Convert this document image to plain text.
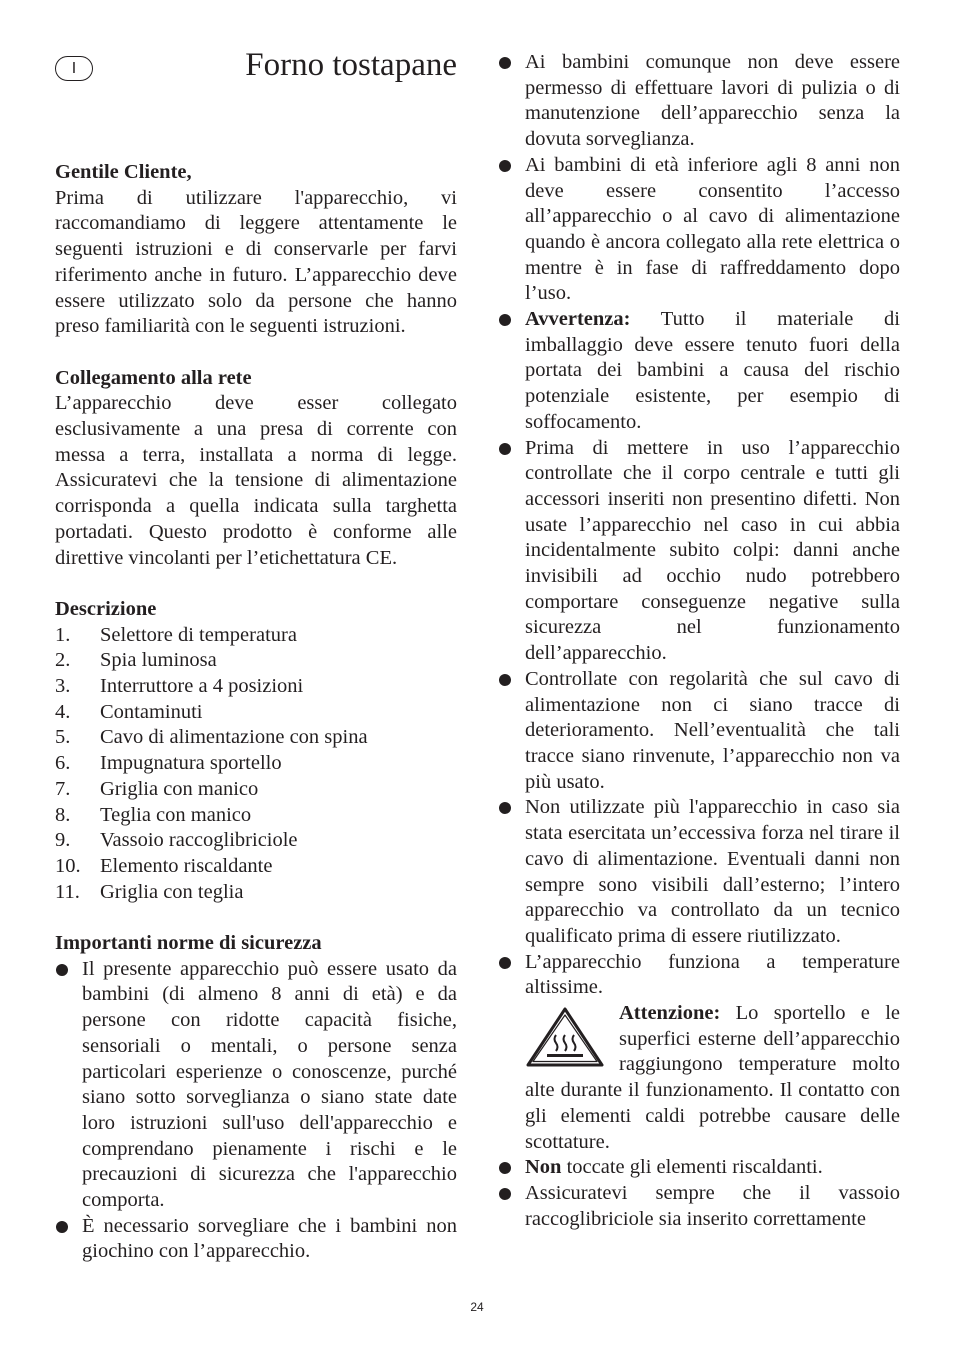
I	Forno tostapane

Gentile Cliente,

Prima di utilizzare l'apparecchio, vi raccomandiamo di leggere attentamente le seguenti istruzioni e di conservarle per farvi riferimento anche in futuro. L’apparecchio deve essere utilizzato solo da persone che hanno preso familiarità con le seguenti istruzioni.

Collegamento alla rete

L’apparecchio deve esser collegato esclusivamente a una presa di corrente con messa a terra, installata a norma di legge. Assicuratevi che la tensione di alimentazione corrisponda a quella indicata sulla targhetta portadati. Questo prodotto è conforme alle direttive vincolanti per l’etichettatura CE.

Descrizione

1.	Selettore di temperatura
2.	Spia luminosa
3.	Interruttore a 4 posizioni
4.	Contaminuti
5.	Cavo di alimentazione con spina
6.	Impugnatura sportello
7.	Griglia con manico
8.	Teglia con manico
9.	Vassoio raccoglibriciole
10. Elemento riscaldante
11. Griglia con teglia

Importanti norme di sicurezza

Il presente apparecchio può essere usato da bambini (di almeno 8 anni di età) e da persone con ridotte capacità fisiche, sensoriali o mentali, o persone senza particolari esperienze o conoscenze, purché siano sotto sorveglianza o siano state date loro istruzioni sull'uso dell'apparecchio e comprendano pienamente i rischi e le precauzioni di sicurezza che l'apparecchio comporta.
È necessario sorvegliare che i bambini non giochino con l’apparecchio.
Ai bambini comunque non deve essere permesso di effettuare lavori di pulizia o di manutenzione dell’apparecchio senza la dovuta sorveglianza.
Ai bambini di età inferiore agli 8 anni non deve essere consentito l’accesso all’apparecchio o al cavo di alimentazione quando è ancora collegato alla rete elettrica o mentre è in fase di raffreddamento dopo l’uso.
Avvertenza: Tutto il materiale di imballaggio deve essere tenuto fuori della portata dei bambini a causa del rischio potenziale esistente, per esempio di soffocamento.
Prima di mettere in uso l’apparecchio controllate che il corpo centrale e tutti gli accessori inseriti non presentino difetti. Non usate l’apparecchio nel caso in cui abbia incidentalmente subito colpi: danni anche invisibili ad occhio nudo potrebbero comportare conseguenze negative sulla sicurezza nel funzionamento dell’apparecchio.
Controllate con regolarità che sul cavo di alimentazione non ci siano tracce di deterioramento. Nell’eventualità che tali tracce siano rinvenute, l’apparecchio non va più usato.
Non utilizzate più l'apparecchio in caso sia stata esercitata un’eccessiva forza nel tirare il cavo di alimentazione. Eventuali danni non sempre sono visibili dall’esterno; l’intero apparecchio va controllato da un tecnico qualificato prima di essere riutilizzato.
L’apparecchio funziona a temperature altissime.
Attenzione: Lo sportello e le superfici esterne dell’apparecchio raggiungono temperature molto alte durante il funzionamento. Il contatto con gli elementi caldi potrebbe causare delle scottature.
Non toccate gli elementi riscaldanti.
Assicuratevi sempre che il vassoio raccoglibriciole sia inserito correttamente
24
